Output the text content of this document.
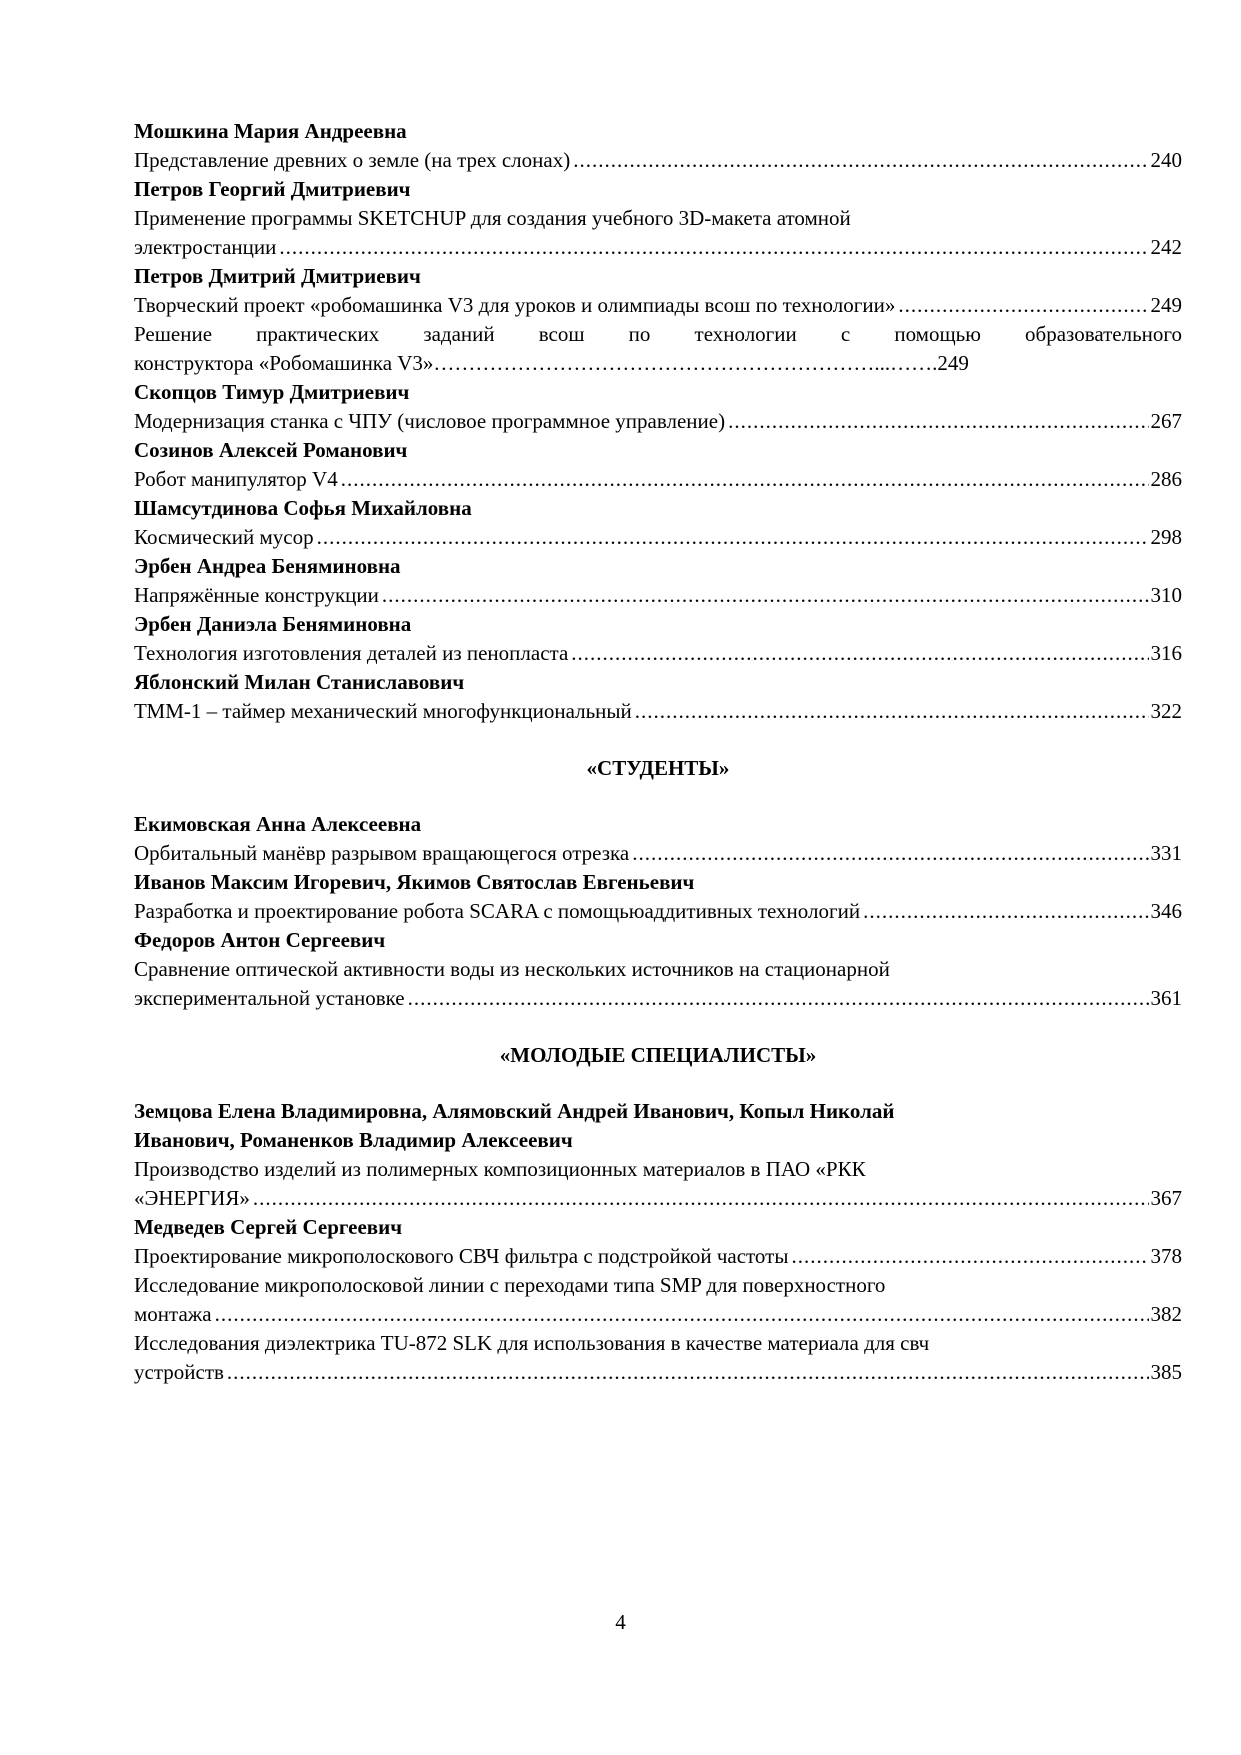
Мошкина Мария Андреевна
Представление древних о земле (на трех слонах) .....	240
Петров Георгий Дмитриевич
Применение программы SKETCHUP для создания учебного 3D-макета атомной
электростанции .....	242
Петров Дмитрий Дмитриевич
Творческий проект «робомашинка V3 для уроков и олимпиады всош по технологии» .....	249
Решение практических заданий всош по технологии с помощью образовательного
конструктора «Робомашинка V3»………………………………………………………...…….249
Скопцов Тимур Дмитриевич
Модернизация станка с ЧПУ (числовое программное управление) .....	267
Созинов Алексей Романович
Робот манипулятор V4 .....	286
Шамсутдинова Софья Михайловна
Космический мусор .....	298
Эрбен Андреа Беняминовна
Напряжённые конструкции .....	310
Эрбен Даниэла Беняминовна
Технология изготовления деталей из пенопласта .....	316
Яблонский Милан Станиславович
ТММ-1 – таймер механический многофункциональный .....	322
«СТУДЕНТЫ»
Екимовская Анна Алексеевна
Орбитальный манёвр разрывом вращающегося отрезка .....	331
Иванов Максим Игоревич, Якимов Святослав Евгеньевич
Разработка и проектирование робота SCARA с помощьюаддитивных технологий .....	346
Федоров Антон Сергеевич
Сравнение оптической активности воды из нескольких источников на стационарной
экспериментальной установке .....	361
«МОЛОДЫЕ СПЕЦИАЛИСТЫ»
Земцова Елена Владимировна, Алямовский Андрей Иванович, Копыл Николай
Иванович, Романенков Владимир Алексеевич
Производство изделий из полимерных композиционных материалов в ПАО «РКК
«ЭНЕРГИЯ» .....	367
Медведев Сергей Сергеевич
Проектирование микрополоскового СВЧ фильтра с подстройкой частоты .....	378
Исследование микрополосковой линии с переходами типа SMP для поверхностного
монтажа .....	382
Исследования диэлектрика TU-872 SLK для использования в качестве материала для свч
устройств .....	385
4
